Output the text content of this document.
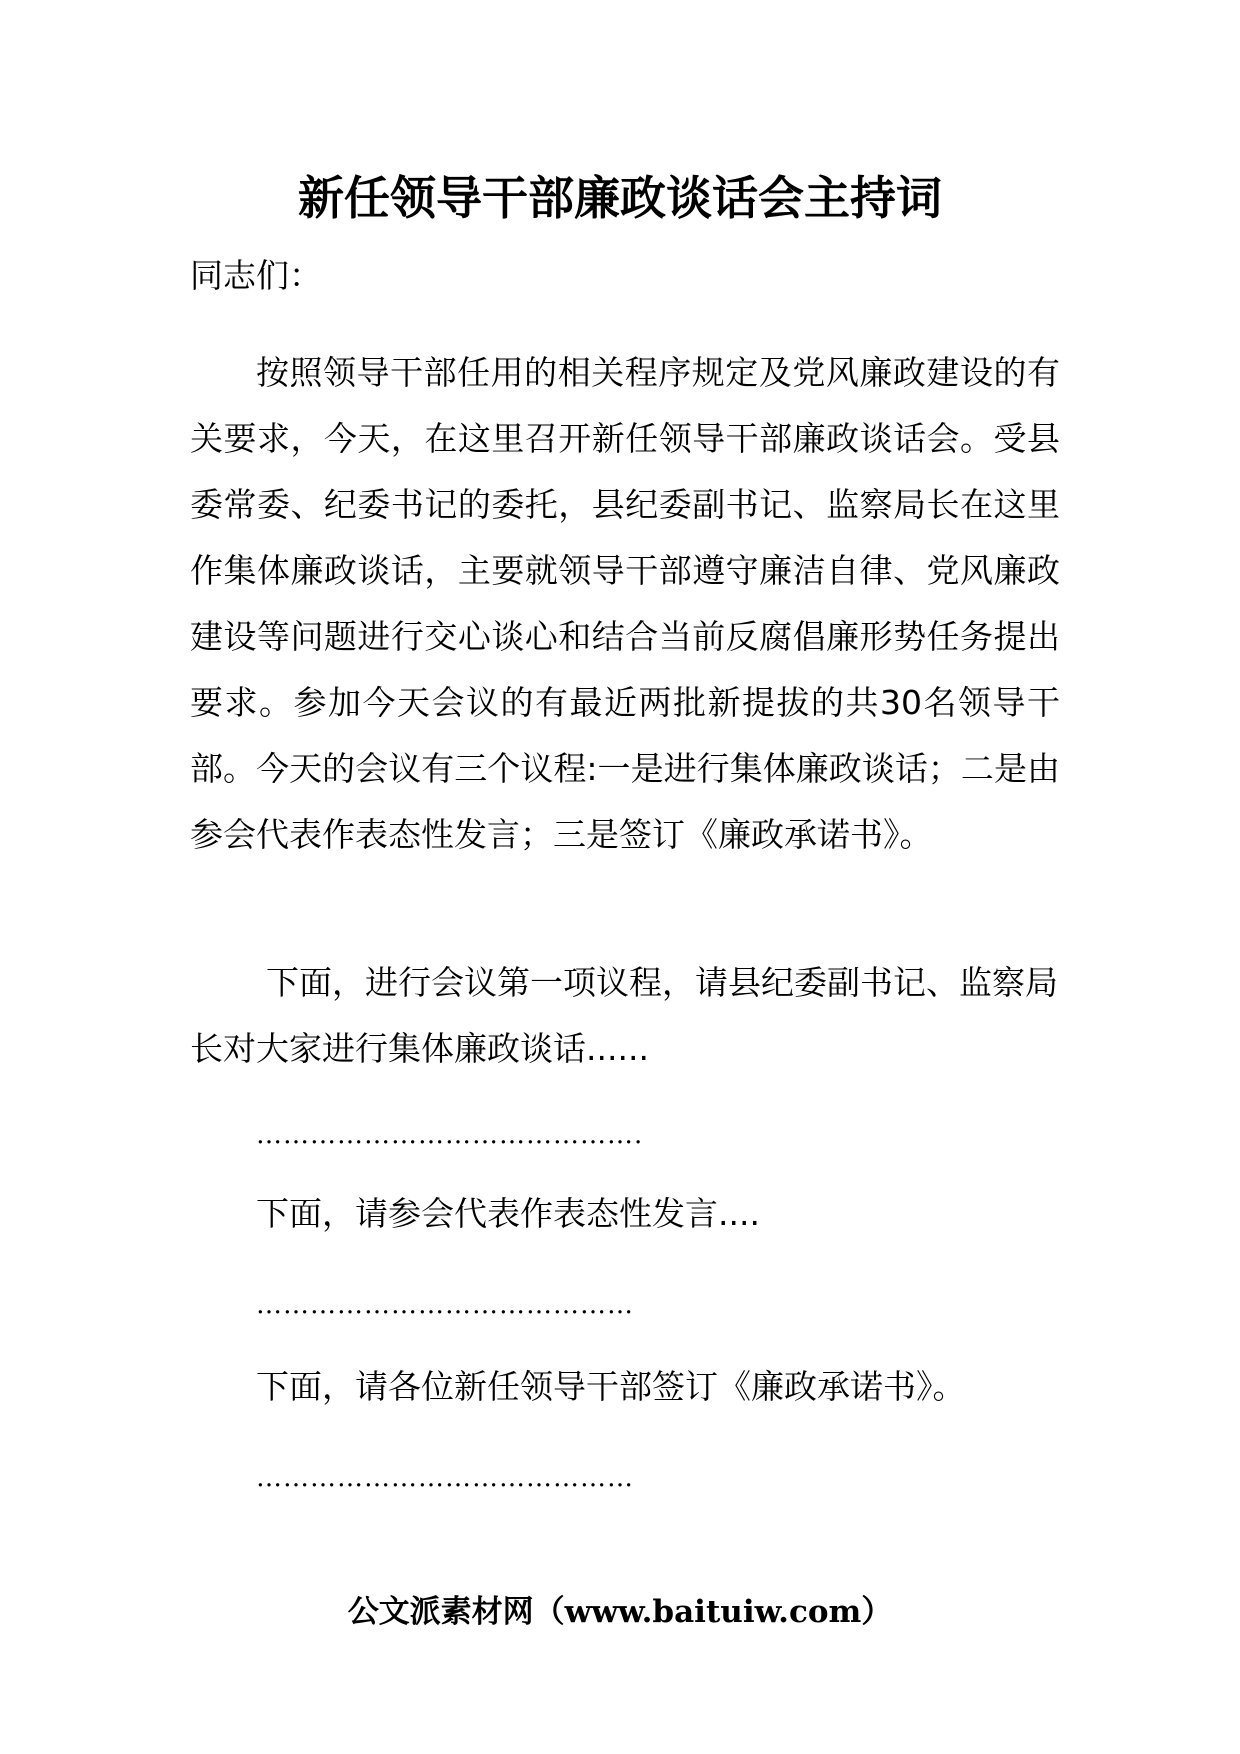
新任领导干部廉政谈话会主持词
同志们：
按照领导干部任用的相关程序规定及党风廉政建设的有关要求，今天，在这里召开新任领导干部廉政谈话会。受县委常委、纪委书记的委托，县纪委副书记、监察局长在这里作集体廉政谈话，主要就领导干部遵守廉洁自律、党风廉政建设等问题进行交心谈心和结合当前反腐倡廉形势任务提出要求。参加今天会议的有最近两批新提拔的共30名领导干部。今天的会议有三个议程:一是进行集体廉政谈话；二是由参会代表作表态性发言；三是签订《廉政承诺书》。
下面，进行会议第一项议程，请县纪委副书记、监察局长对大家进行集体廉政谈话......
…………………………………….
下面，请参会代表作表态性发言....
……………………………………
下面，请各位新任领导干部签订《廉政承诺书》。
……………………………………
公文派素材网（www.baituiw.com）
